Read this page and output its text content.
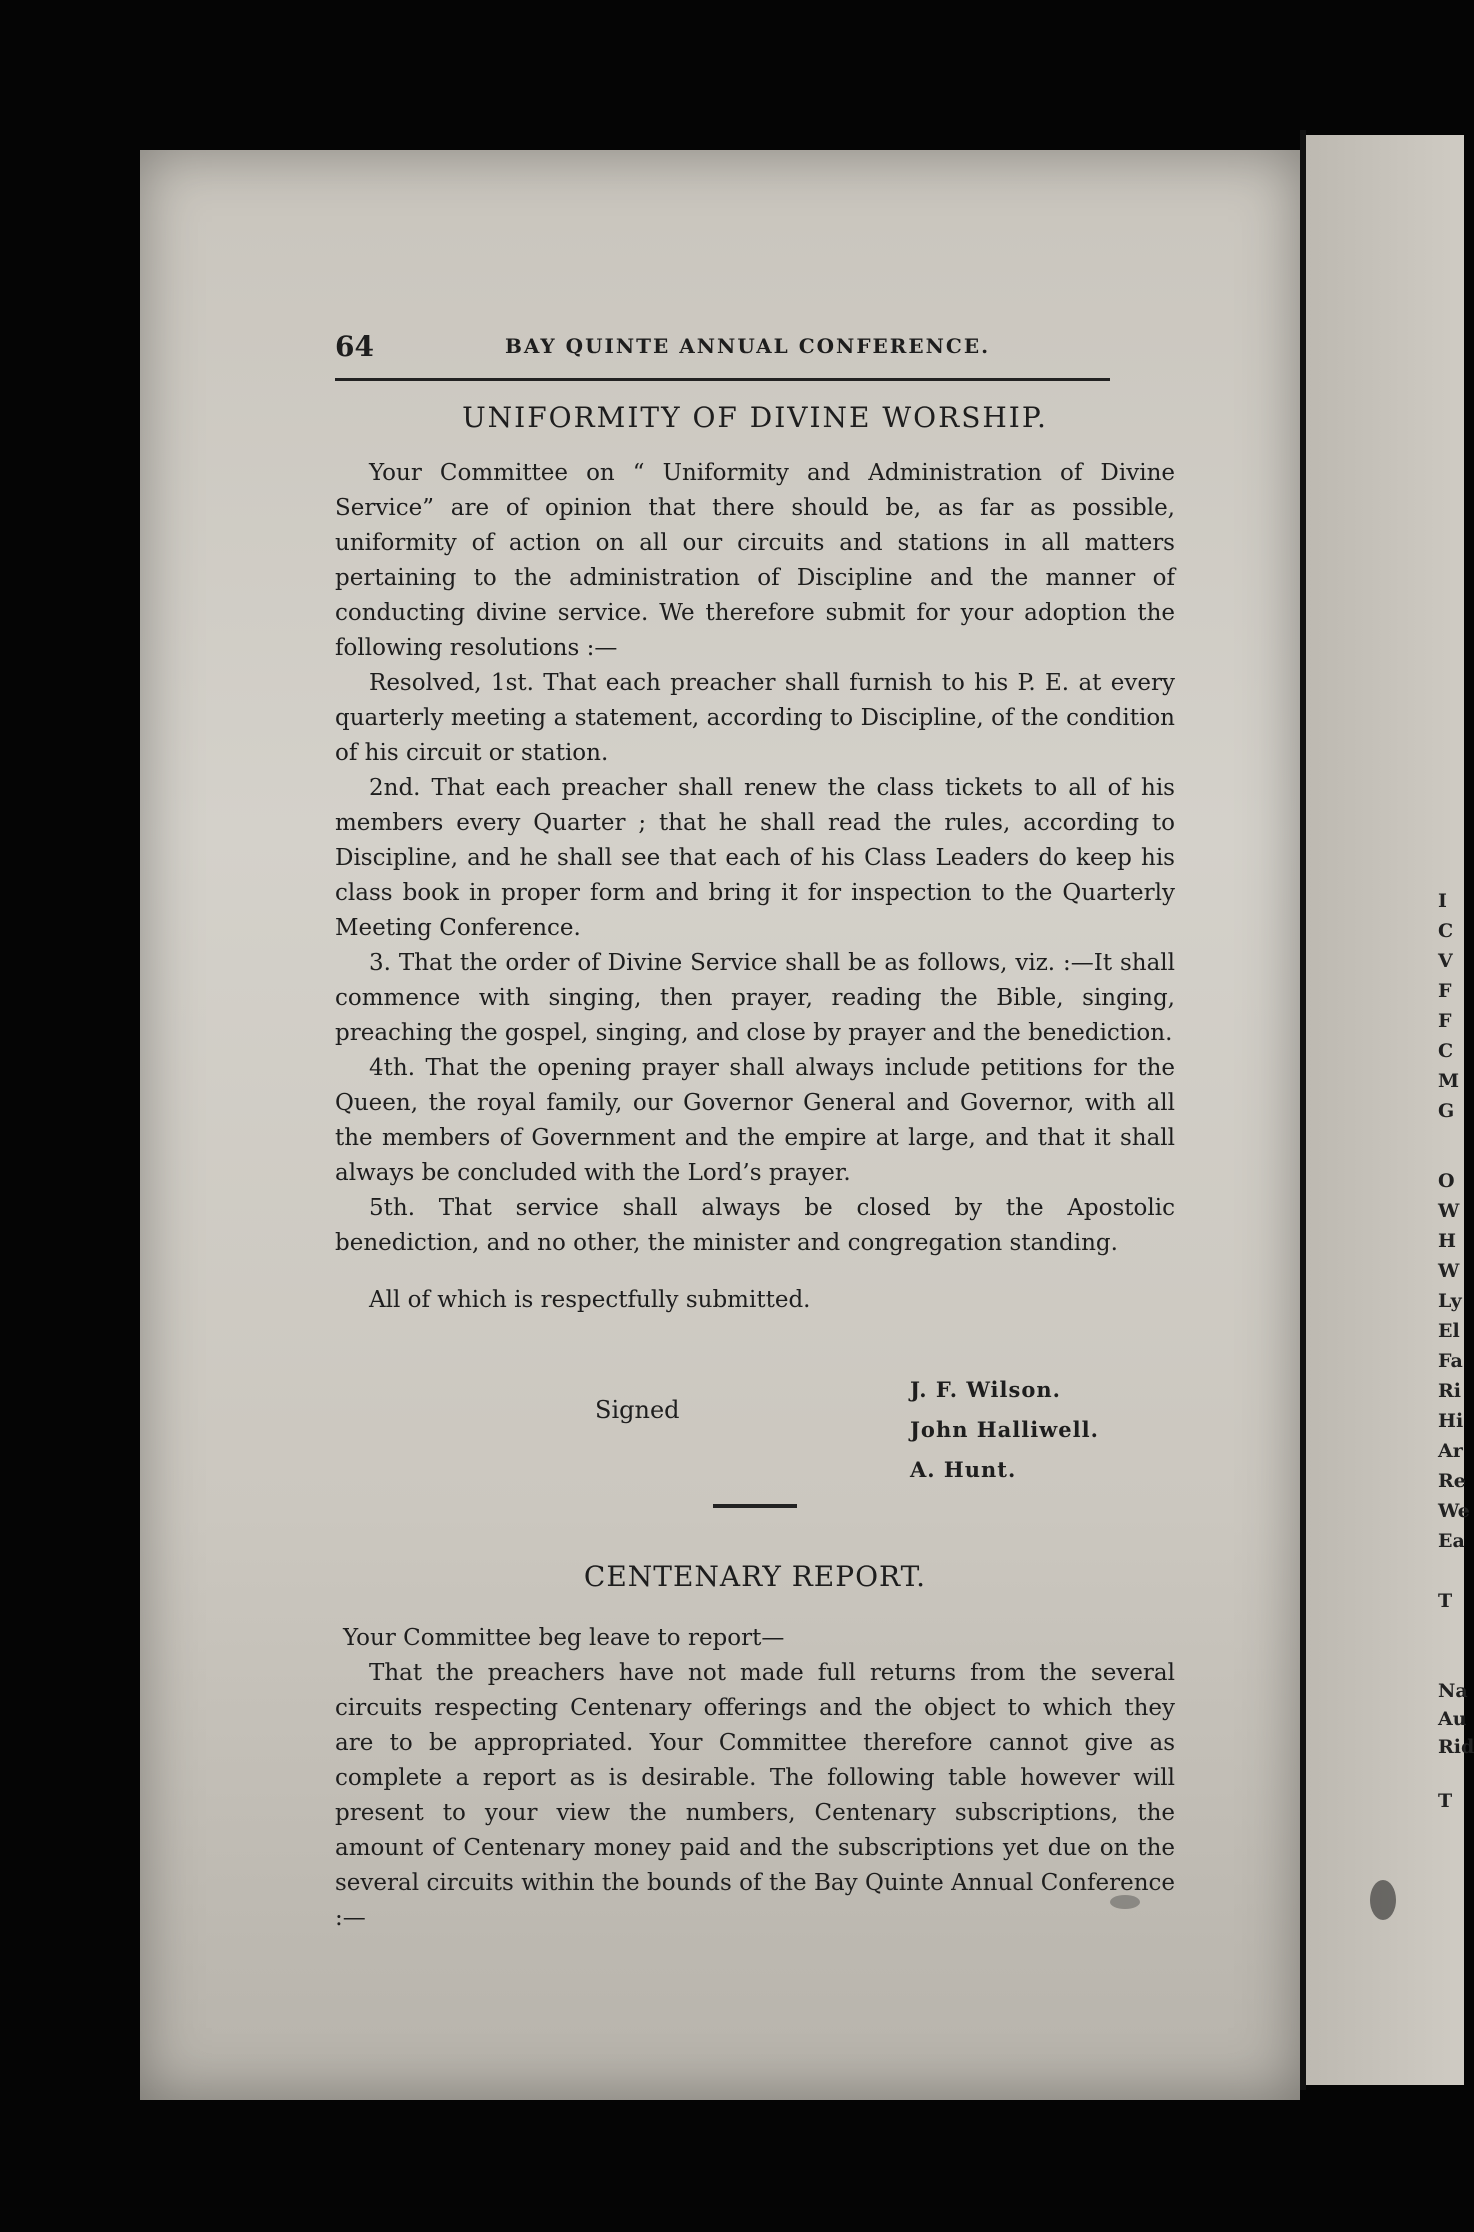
I
C
V
F
F
C
M
G
O
W
H
W
Ly
El
Fa
Ri
Hi
Ar
Re
We
Ea
T
Na
Au
Rid
T
64	BAY QUINTE ANNUAL CONFERENCE.
UNIFORMITY OF DIVINE WORSHIP.

Your Committee on “ Uniformity and Administration of Divine Service” are of opinion that there should be, as far as possible, uniformity of action on all our circuits and stations in all matters pertaining to the administration of Discipline and the manner of conducting divine service. We therefore submit for your adoption the following resolutions :—

Resolved, 1st. That each preacher shall furnish to his P. E. at every quarterly meeting a statement, according to Discipline, of the condition of his circuit or station.

2nd. That each preacher shall renew the class tickets to all of his members every Quarter ; that he shall read the rules, according to Discipline, and he shall see that each of his Class Leaders do keep his class book in proper form and bring it for inspection to the Quarterly Meeting Conference.

3. That the order of Divine Service shall be as follows, viz. :—It shall commence with singing, then prayer, reading the Bible, singing, preaching the gospel, singing, and close by prayer and the benediction.

4th. That the opening prayer shall always include petitions for the Queen, the royal family, our Governor General and Governor, with all the members of Government and the empire at large, and that it shall always be concluded with the Lord’s prayer.

5th. That service shall always be closed by the Apostolic benediction, and no other, the minister and congregation standing.

All of which is respectfully submitted.

Signed
J. F. Wilson.
John Halliwell.
A. Hunt.
CENTENARY REPORT.

Your Committee beg leave to report—

That the preachers have not made full returns from the several circuits respecting Centenary offerings and the object to which they are to be appropriated. Your Committee therefore cannot give as complete a report as is desirable. The following table however will present to your view the numbers, Centenary subscriptions, the amount of Centenary money paid and the subscriptions yet due on the several circuits within the bounds of the Bay Quinte Annual Conference :—
